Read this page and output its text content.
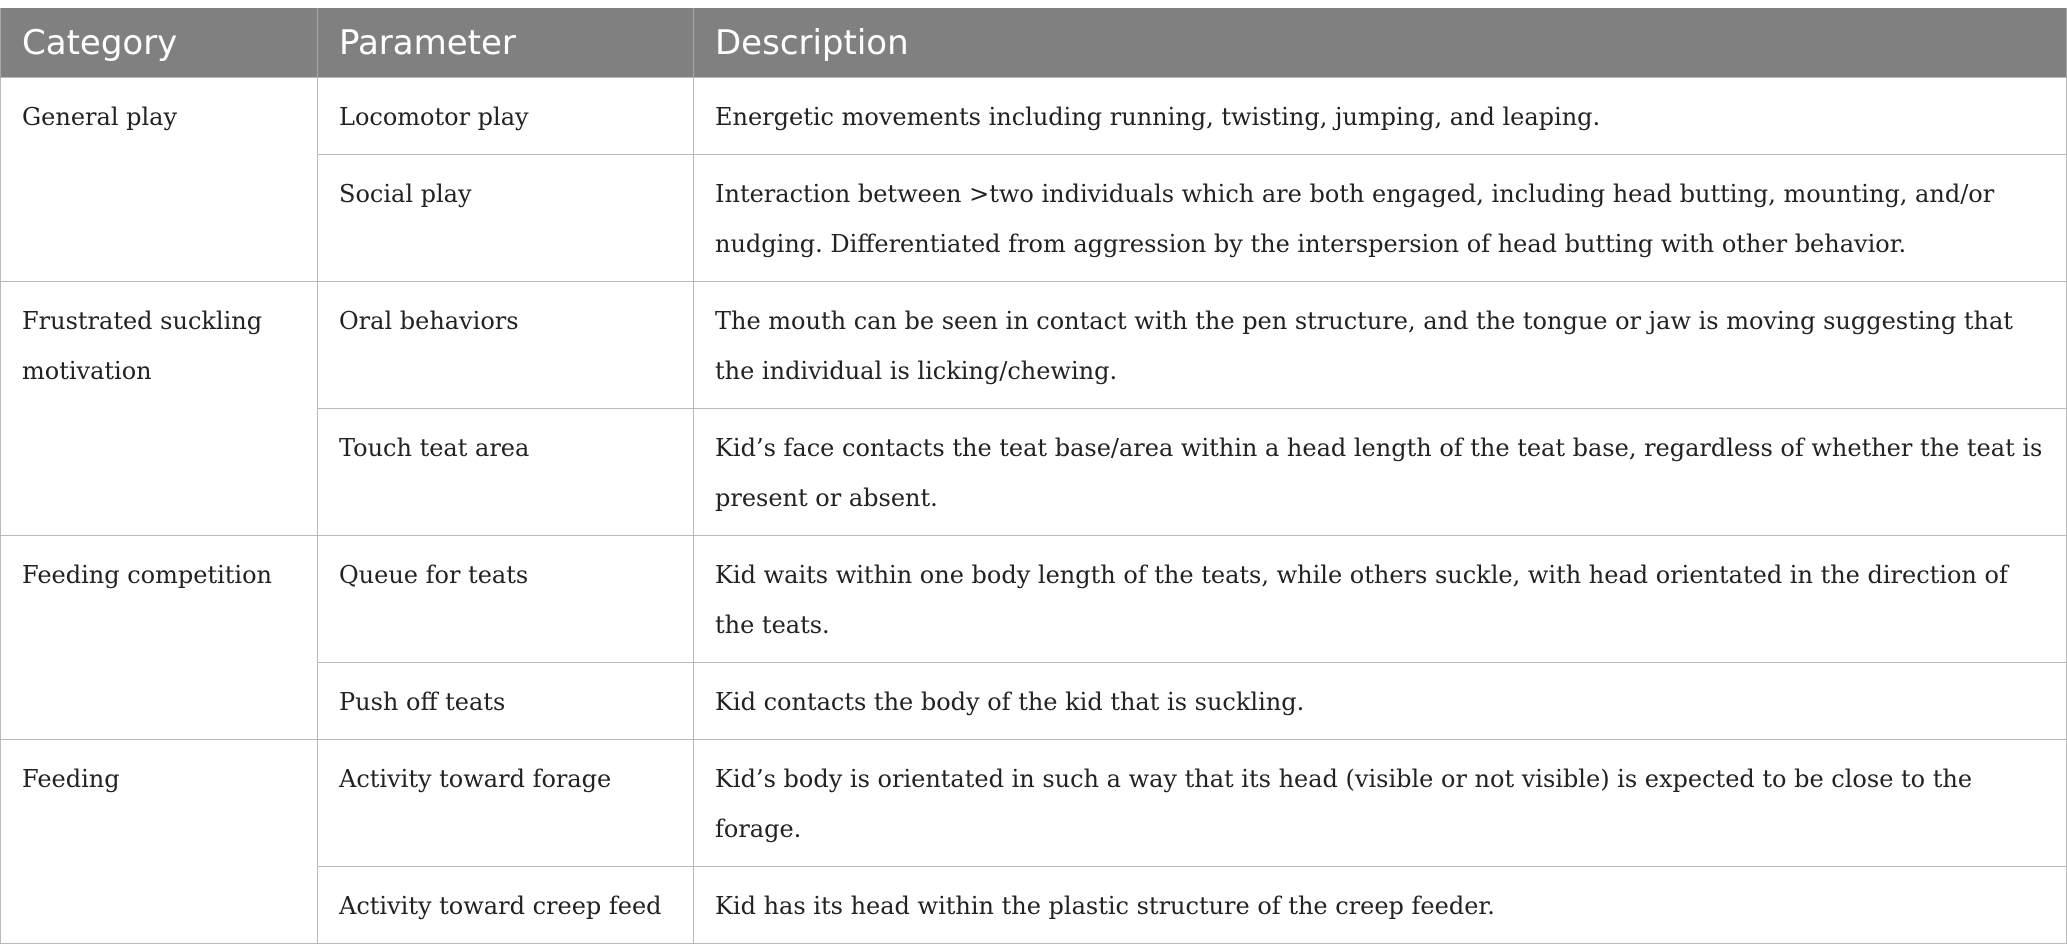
Category	Parameter	Description
General play	Locomotor play	Energetic movements including running, twisting, jumping, and leaping.
	Social play	Interaction between >two individuals which are both engaged, including head butting, mounting, and/or nudging. Differentiated from aggression by the interspersion of head butting with other behavior.
Frustrated suckling motivation	Oral behaviors	The mouth can be seen in contact with the pen structure, and the tongue or jaw is moving suggesting that the individual is licking/chewing.
	Touch teat area	Kid’s face contacts the teat base/area within a head length of the teat base, regardless of whether the teat is present or absent.
Feeding competition	Queue for teats	Kid waits within one body length of the teats, while others suckle, with head orientated in the direction of the teats.
	Push off teats	Kid contacts the body of the kid that is suckling.
Feeding	Activity toward forage	Kid’s body is orientated in such a way that its head (visible or not visible) is expected to be close to the forage.
	Activity toward creep feed	Kid has its head within the plastic structure of the creep feeder.
